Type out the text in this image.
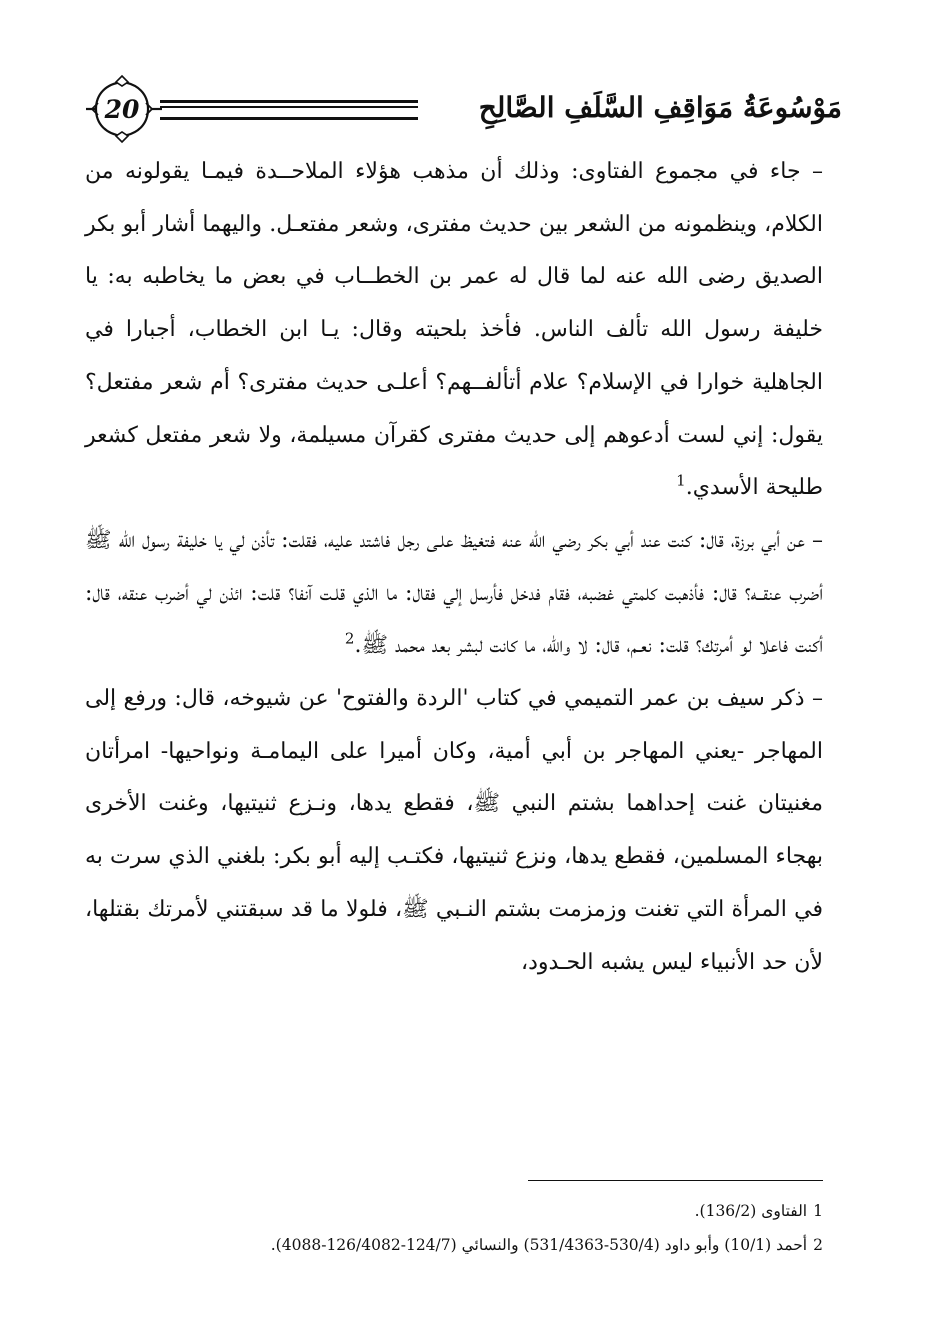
20	مَوْسُوعَةُ مَوَاقِفِ السَّلَفِ الصَّالِحِ

– جاء في مجموع الفتاوى: وذلك أن مذهب هؤلاء الملاحــدة فيمـا يقولونه من الكلام، وينظمونه من الشعر بين حديث مفترى، وشعر مفتعـل. واليهما أشار أبو بكر الصديق رضى الله عنه لما قال له عمر بن الخطــاب في بعض ما يخاطبه به: يا خليفة رسول الله تألف الناس. فأخذ بلحيته وقال: يـا ابن الخطاب، أجبارا في الجاهلية خوارا في الإسلام؟ علام أتألفــهم؟ أعلـى حديث مفترى؟ أم شعر مفتعل؟ يقول: إني لست أدعوهم إلى حديث مفترى كقرآن مسيلمة، ولا شعر مفتعل كشعر طليحة الأسدي.$^1$

– عن أبي برزة، قال: كنت عند أبي بكر رضي الله عنه فتغيظ علـى رجل فاشتد عليه، فقلت: تأذن لي يا خليفة رسول الله ﷺ أضرب عنقــه؟ قال: فأذهبت كلمتي غضبه، فقام فدخل فأرسل إلي فقال: ما الذي قلـت آنفا؟ قلت: ائذن لي أضرب عنقه، قال: أكنت فاعلا لو أمرتك؟ قلت: نعـم، قال: لا والله، ما كانت لبشر بعد محمد ﷺ.$^2$

– ذكر سيف بن عمر التميمي في كتاب 'الردة والفتوح' عن شيوخه، قال: ورفع إلى المهاجر -يعني المهاجر بن أبي أمية، وكان أميرا على اليمامـة ونواحيها- امرأتان مغنيتان غنت إحداهما بشتم النبي ﷺ، فقطع يدها، ونـزع ثنيتيها، وغنت الأخرى بهجاء المسلمين، فقطع يدها، ونزع ثنيتيها، فكتـب إليه أبو بكر: بلغني الذي سرت به في المرأة التي تغنت وزمزمت بشتم النـبي ﷺ، فلولا ما قد سبقتني لأمرتك بقتلها، لأن حد الأنبياء ليس يشبه الحـدود،

1الفتاوى (136/2).

2أحمد (10/1) وأبو داود (530/4-531/4363) والنسائي (124/7-126/4082-4088).
